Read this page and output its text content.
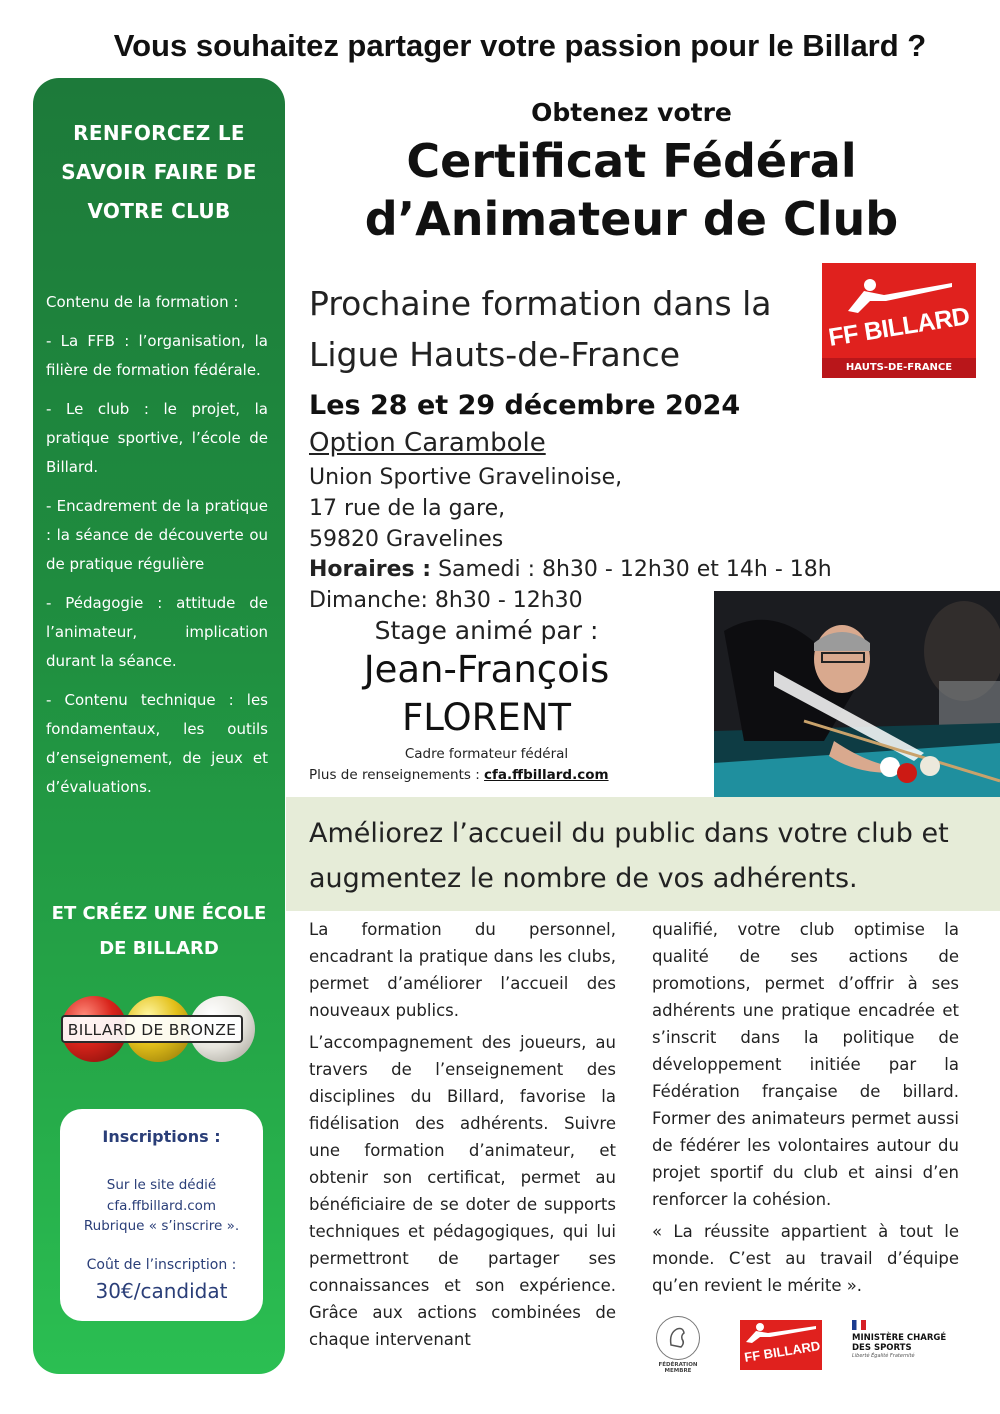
Vous souhaitez partager votre passion pour le Billard ?
RENFORCEZ LE
SAVOIR FAIRE DE
VOTRE CLUB
Contenu de la formation :
- La FFB : l’organisation, la filière de formation fédérale.
- Le club : le projet, la pratique sportive, l’école de Billard.
- Encadrement de la pratique : la séance de découverte ou de pratique régulière
- Pédagogie : attitude de l’animateur, implication durant la séance.
- Contenu technique : les fondamentaux, les outils d’enseignement, de jeux et d’évaluations.
ET CRÉEZ UNE ÉCOLE
DE BILLARD
BILLARD DE BRONZE
Inscriptions :
Sur le site dédié
cfa.ffbillard.com
Rubrique « s’inscrire ».
Coût de l’inscription :
30€/candidat
Obtenez votre
Certificat Fédéral
d’Animateur de Club
Prochaine formation dans la
Ligue Hauts-de-France
FF BILLARD
HAUTS-DE-FRANCE
Les 28 et 29 décembre 2024
Option Carambole
Union Sportive Gravelinoise,
17 rue de la gare,
59820 Gravelines
Horaires : Samedi : 8h30 - 12h30 et 14h - 18h
Dimanche: 8h30 - 12h30
Stage animé par :
Jean-François
FLORENT
Cadre formateur fédéral
Plus de renseignements : cfa.ffbillard.com
Améliorez l’accueil du public dans votre club et
augmentez le nombre de vos adhérents.

La formation du personnel, encadrant la pratique dans les clubs, permet d’améliorer l’accueil des nouveaux publics.

L’accompagnement des joueurs, au travers de l’enseignement des disciplines du Billard, favorise la fidélisation des adhérents. Suivre une formation d’animateur, et obtenir son certificat, permet au bénéficiaire de se doter de supports techniques et pédagogiques, qui lui permettront de partager ses connaissances et son expérience. Grâce aux actions combinées de chaque intervenant

qualifié, votre club optimise la qualité de ses actions de promotions, permet d’offrir à ses adhérents une pratique encadrée et s’inscrit dans la politique de développement initiée par la Fédération française de billard. Former des animateurs permet aussi de fédérer les volontaires autour du projet sportif du club et ainsi d’en renforcer la cohésion.

« La réussite appartient à tout le monde. C’est au travail d’équipe qu’en revient le mérite ».

FÉDÉRATION MEMBRE
FF BILLARD
MINISTÈRE CHARGÉ DES SPORTS
Liberté Égalité Fraternité
